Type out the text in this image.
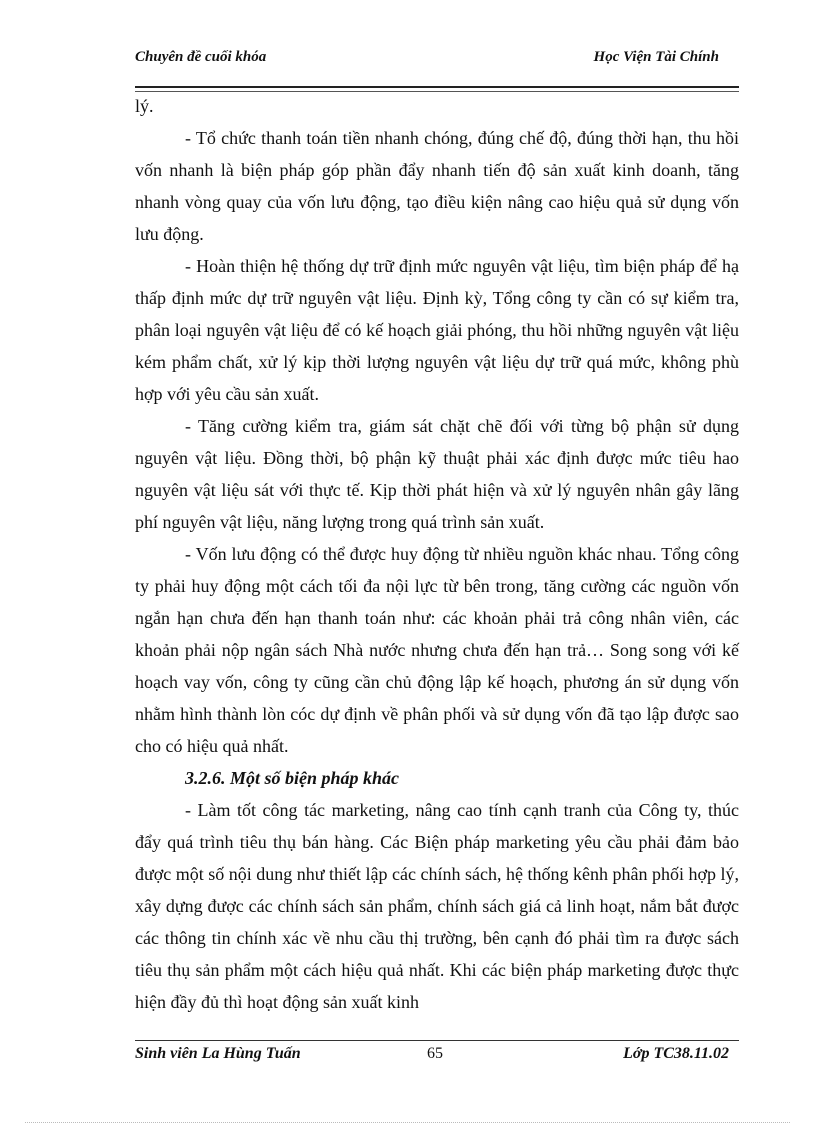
Chuyên đề cuối khóa	Học Viện Tài Chính

lý.

- Tổ chức thanh toán tiền nhanh chóng, đúng chế độ, đúng thời hạn, thu hồi vốn nhanh là biện pháp góp phần đẩy nhanh tiến độ sản xuất kinh doanh, tăng nhanh vòng quay của vốn lưu động, tạo điều kiện nâng cao hiệu quả sử dụng vốn lưu động.

- Hoàn thiện hệ thống dự trữ định mức nguyên vật liệu, tìm biện pháp để hạ thấp định mức dự trữ nguyên vật liệu. Định kỳ, Tổng công ty cần có sự kiểm tra, phân loại nguyên vật liệu để có kế hoạch giải phóng, thu hồi những nguyên vật liệu kém phẩm chất, xử lý kịp thời lượng nguyên vật liệu dự trữ quá mức, không phù hợp với yêu cầu sản xuất.

- Tăng cường kiểm tra, giám sát chặt chẽ đối với từng bộ phận sử dụng nguyên vật liệu. Đồng thời, bộ phận kỹ thuật phải xác định được mức tiêu hao nguyên vật liệu sát với thực tế. Kịp thời phát hiện và xử lý nguyên nhân gây lãng phí nguyên vật liệu, năng lượng trong quá trình sản xuất.

- Vốn lưu động có thể được huy động từ nhiều nguồn khác nhau. Tổng công ty phải huy động một cách tối đa nội lực từ bên trong, tăng cường các nguồn vốn ngắn hạn chưa đến hạn thanh toán như: các khoản phải trả công nhân viên, các khoản phải nộp ngân sách Nhà nước nhưng chưa đến hạn trả… Song song với kế hoạch vay vốn, công ty cũng cần chủ động lập kế hoạch, phương án sử dụng vốn nhằm hình thành lòn cóc dự định về phân phối và sử dụng vốn đã tạo lập được sao cho có hiệu quả nhất.

3.2.6. Một số biện pháp khác

- Làm tốt công tác marketing, nâng cao tính cạnh tranh của Công ty, thúc đẩy quá trình tiêu thụ bán hàng. Các Biện pháp marketing yêu cầu phải đảm bảo được một số nội dung như thiết lập các chính sách, hệ thống kênh phân phối hợp lý, xây dựng được các chính sách sản phẩm, chính sách giá cả linh hoạt, nắm bắt được các thông tin chính xác về nhu cầu thị trường, bên cạnh đó phải tìm ra được sách tiêu thụ sản phẩm một cách hiệu quả nhất. Khi các biện pháp marketing được thực hiện đầy đủ thì hoạt động sản xuất kinh

Sinh viên La Hùng Tuấn	65	Lớp TC38.11.02
